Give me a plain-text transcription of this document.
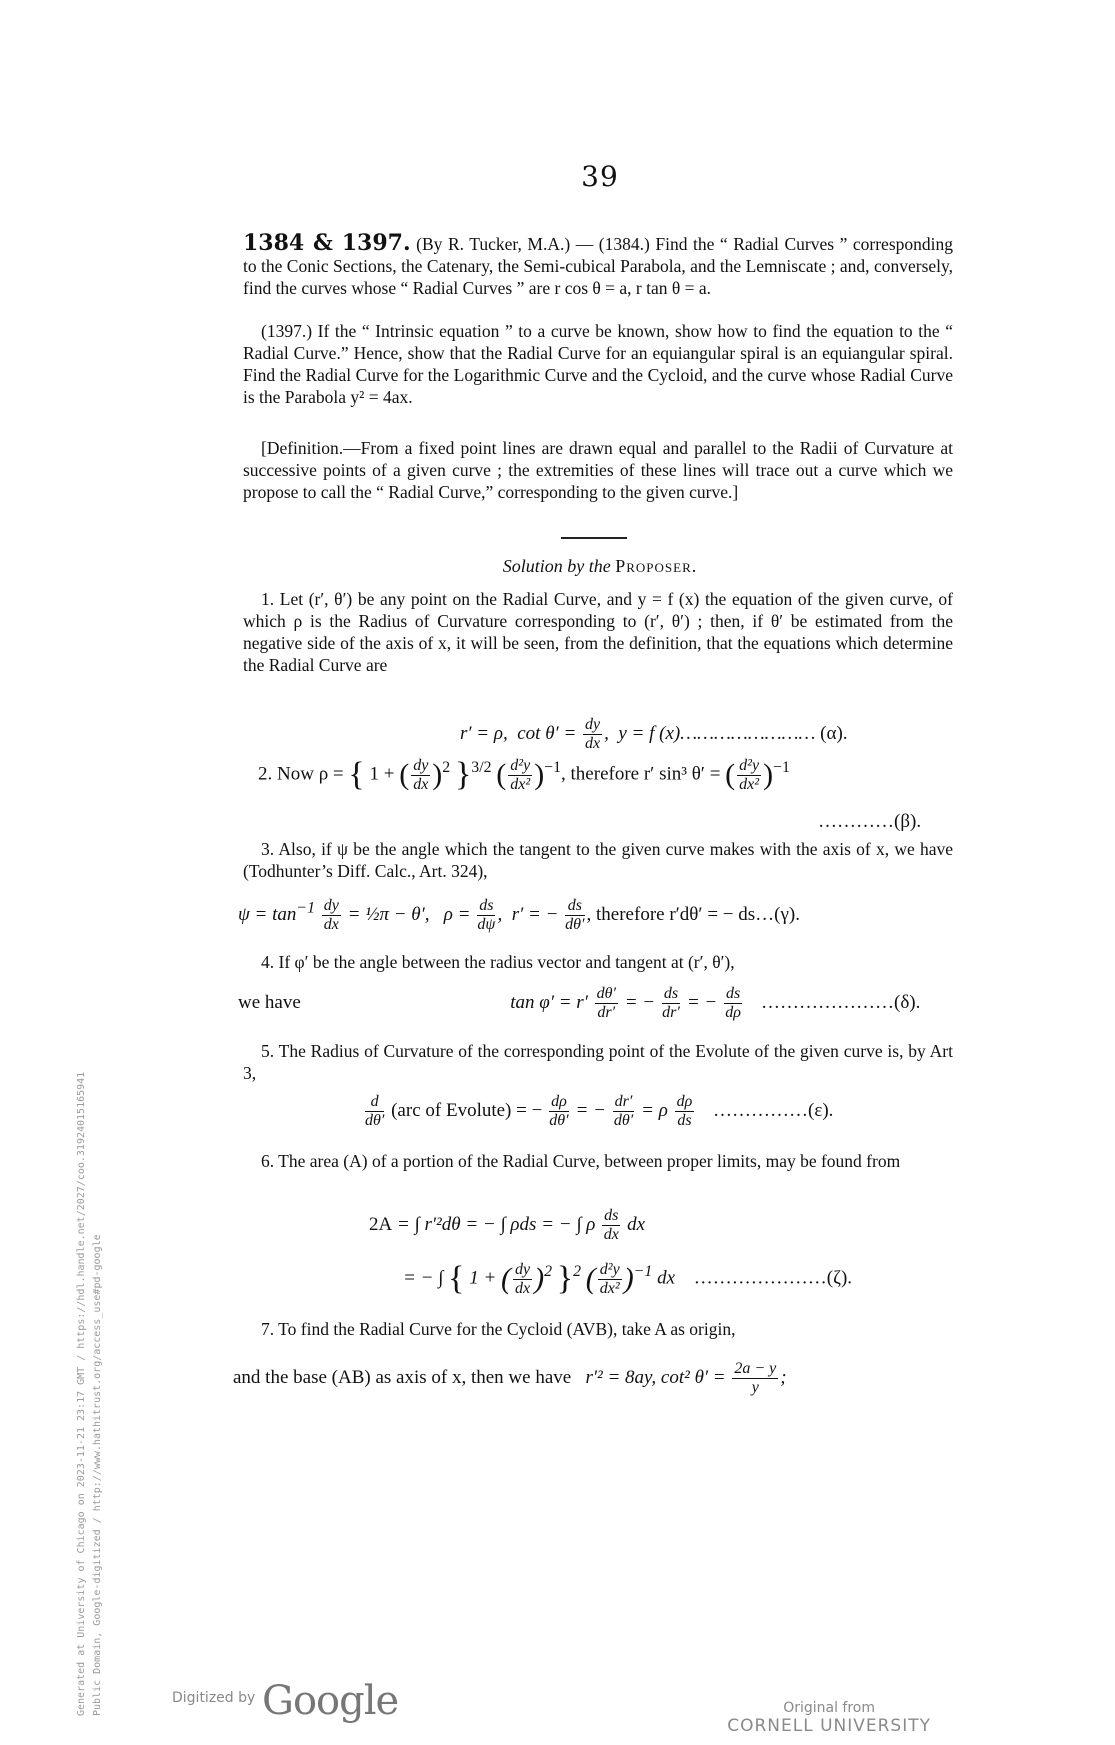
39
1384 & 1397. (By R. Tucker, M.A.) — (1384.) Find the “ Radial Curves ” corresponding to the Conic Sections, the Catenary, the Semi-cubical Parabola, and the Lemniscate ; and, conversely, find the curves whose “ Radial Curves ” are r cos θ = a, r tan θ = a.
(1397.) If the “ Intrinsic equation ” to a curve be known, show how to find the equation to the “ Radial Curve.” Hence, show that the Radial Curve for an equiangular spiral is an equiangular spiral. Find the Radial Curve for the Logarithmic Curve and the Cycloid, and the curve whose Radial Curve is the Parabola y² = 4ax.
[Definition.—From a fixed point lines are drawn equal and parallel to the Radii of Curvature at successive points of a given curve ; the extremities of these lines will trace out a curve which we propose to call the “ Radial Curve,” corresponding to the given curve.]
Solution by the Proposer.
1. Let (r′, θ′) be any point on the Radial Curve, and y = f (x) the equation of the given curve, of which ρ is the Radius of Curvature corresponding to (r′, θ′) ; then, if θ′ be estimated from the negative side of the axis of x, it will be seen, from the definition, that the equations which determine the Radial Curve are
r′ = ρ,  $\cot \theta' = \frac{dy}{dx}$ ,  y = f (x)…………………… (α).
2. Now ρ = { 1 + ( $\frac{dy}{dx} )^2$ }$^{3/2}$ ( $\frac{\text{d²y}}{\text{dx²}} )^{-1}$, therefore r′ sin³ θ′ = ( $\frac{\text{d²y}}{\text{dx²}} )^{-1}$
…………(β).
3. Also, if ψ be the angle which the tangent to the given curve makes with the axis of x, we have (Todhunter’s Diff. Calc., Art. 324),
$\psi = \tan^{-1} \frac{dy}{dx}$ = ½π − θ′,   $\rho = \frac{ds}{d\psi}$ ,  r′ = − $\frac{ds}{d\theta'}$ , therefore r′dθ′ = − ds…(γ).
4. If φ′ be the angle between the radius vector and tangent at (r′, θ′),
we have	$\tan \varphi' = r' \frac{d\theta'}{dr'}$ = − $\frac{ds}{dr'}$ = − $\frac{ds}{d\rho}$ …………………(δ).
5. The Radius of Curvature of the corresponding point of the Evolute of the given curve is, by Art 3,
$\frac{d}{d\theta'} (arc$ of Evolute) = − $\frac{d\rho}{d\theta'}$ = − $\frac{dr'}{d\theta'} = \rho \frac{d\rho}{ds}$ ……………(ε).
6. The area (A) of a portion of the Radial Curve, between proper limits, may be found from
2A = ∫ r′²dθ = − ∫ ρds = − ∫ ρ $\frac{ds}{dx}$ dx
= − ∫ { 1 + ( $\frac{dy}{dx} )^2$ }$^2$ ( $\frac{\text{d²y}}{\text{dx²}} )^{-1}$ dx …………………(ζ).
7. To find the Radial Curve for the Cycloid (AVB), take A as origin,
and the base (AB) as axis of x, then we have   r′² = 8ay, cot² $\theta' = \frac{2a - y}{y}$ ;
Generated at University of Chicago on 2023-11-21 23:17 GMT / https://hdl.handle.net/2027/coo.31924015165941 Public Domain, Google-digitized / http://www.hathitrust.org/access_use#pd-google	Digitized by Google	Original from
CORNELL UNIVERSITY
